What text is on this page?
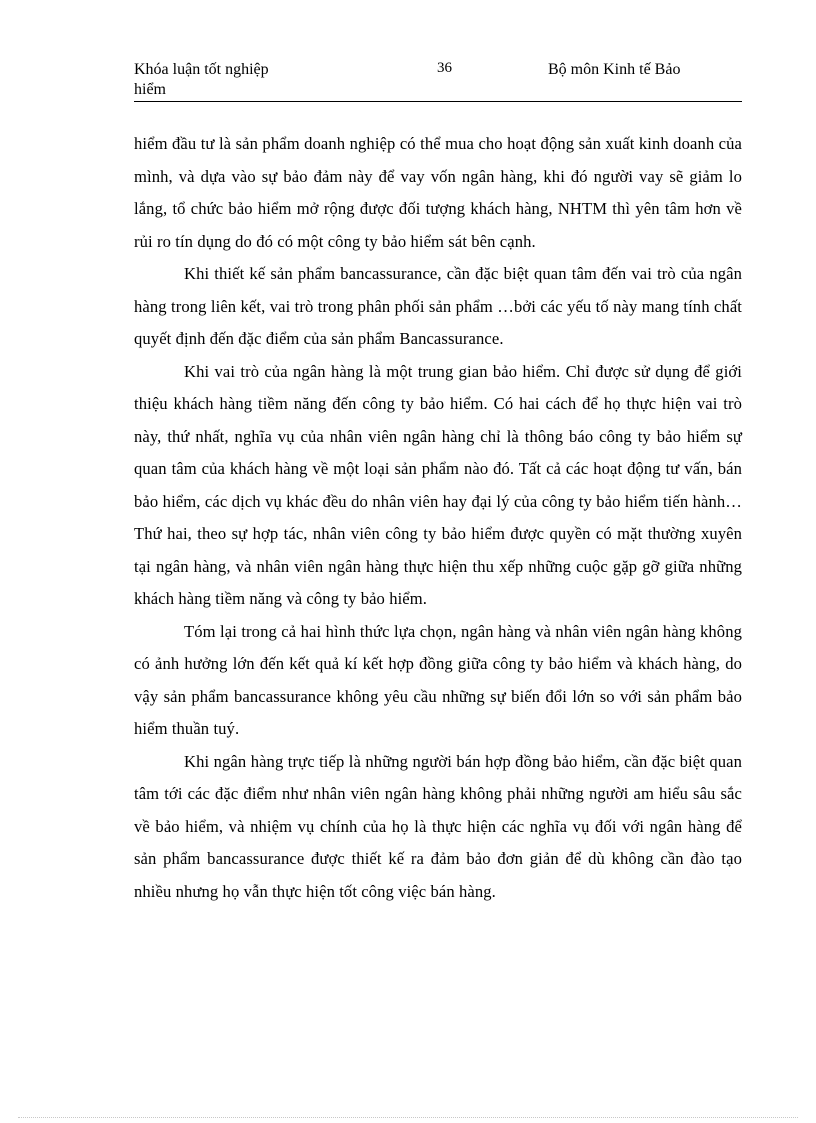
Khóa luận tốt nghiệp
hiểm
36	Bộ môn Kinh tế Bảo

hiểm đầu tư là sản phẩm doanh nghiệp có thể mua cho hoạt động sản xuất kinh doanh của mình, và dựa vào sự bảo đảm này để vay vốn ngân hàng, khi đó người vay sẽ giảm lo lắng, tổ chức bảo hiểm mở rộng được đối tượng khách hàng, NHTM thì yên tâm hơn về rủi ro tín dụng do đó có một công ty bảo hiểm sát bên cạnh.

Khi thiết kế sản phẩm bancassurance, cần đặc biệt quan tâm đến vai trò của ngân hàng trong liên kết, vai trò trong phân phối sản phẩm …bởi các yếu tố này mang tính chất quyết định đến đặc điểm của sản phẩm Bancassurance.

Khi vai trò của ngân hàng là một trung gian bảo hiểm. Chỉ được sử dụng để giới thiệu khách hàng tiềm năng đến công ty bảo hiểm. Có hai cách để họ thực hiện vai trò này, thứ nhất, nghĩa vụ của nhân viên ngân hàng chỉ là thông báo công ty bảo hiểm sự quan tâm của khách hàng về một loại sản phẩm nào đó. Tất cả các hoạt động tư vấn, bán bảo hiểm, các dịch vụ khác đều do nhân viên hay đại lý của công ty bảo hiểm tiến hành… Thứ hai, theo sự hợp tác, nhân viên công ty bảo hiểm được quyền có mặt thường xuyên tại ngân hàng, và nhân viên ngân hàng thực hiện thu xếp những cuộc gặp gỡ giữa những khách hàng tiềm năng và công ty bảo hiểm.

Tóm lại trong cả hai hình thức lựa chọn, ngân hàng và nhân viên ngân hàng không có ảnh hưởng lớn đến kết quả kí kết hợp đồng giữa công ty bảo hiểm và khách hàng, do vậy sản phẩm bancassurance không yêu cầu những sự biến đổi lớn so với sản phẩm bảo hiểm thuần tuý.

Khi ngân hàng trực tiếp là những người bán hợp đồng bảo hiểm, cần đặc biệt quan tâm tới các đặc điểm như nhân viên ngân hàng không phải những người am hiểu sâu sắc về bảo hiểm, và nhiệm vụ chính của họ là thực hiện các nghĩa vụ đối với ngân hàng để sản phẩm bancassurance được thiết kế ra đảm bảo đơn giản để dù không cần đào tạo nhiều nhưng họ vẫn thực hiện tốt công việc bán hàng.
